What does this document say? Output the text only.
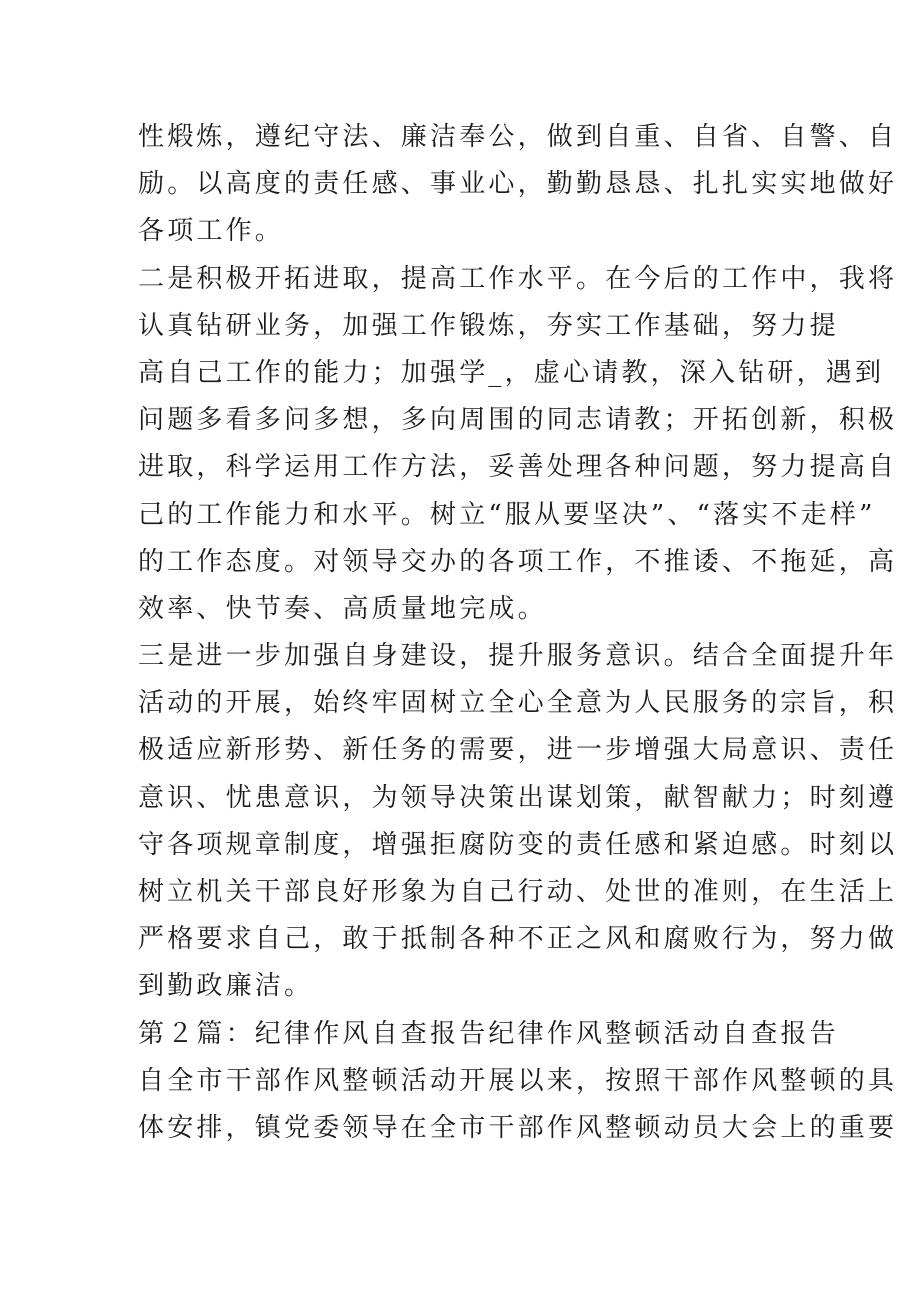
性煅炼，遵纪守法、廉洁奉公，做到自重、自省、自警、自
励。以高度的责任感、事业心，勤勤恳恳、扎扎实实地做好
各项工作。
二是积极开拓进取，提高工作水平。在今后的工作中，我将
认真钻研业务，加强工作锻炼，夯实工作基础，努力提
高自己工作的能力；加强学_，虚心请教，深入钻研，遇到
问题多看多问多想，多向周围的同志请教；开拓创新，积极
进取，科学运用工作方法，妥善处理各种问题，努力提高自
己的工作能力和水平。树立“服从要坚决”、“落实不走样”
的工作态度。对领导交办的各项工作，不推诿、不拖延，高
效率、快节奏、高质量地完成。
三是进一步加强自身建设，提升服务意识。结合全面提升年
活动的开展，始终牢固树立全心全意为人民服务的宗旨，积
极适应新形势、新任务的需要，进一步增强大局意识、责任
意识、忧患意识，为领导决策出谋划策，献智献力；时刻遵
守各项规章制度，增强拒腐防变的责任感和紧迫感。时刻以
树立机关干部良好形象为自己行动、处世的准则，在生活上
严格要求自己，敢于抵制各种不正之风和腐败行为，努力做
到勤政廉洁。
第２篇：纪律作风自查报告纪律作风整顿活动自查报告
自全市干部作风整顿活动开展以来，按照干部作风整顿的具
体安排，镇党委领导在全市干部作风整顿动员大会上的重要
